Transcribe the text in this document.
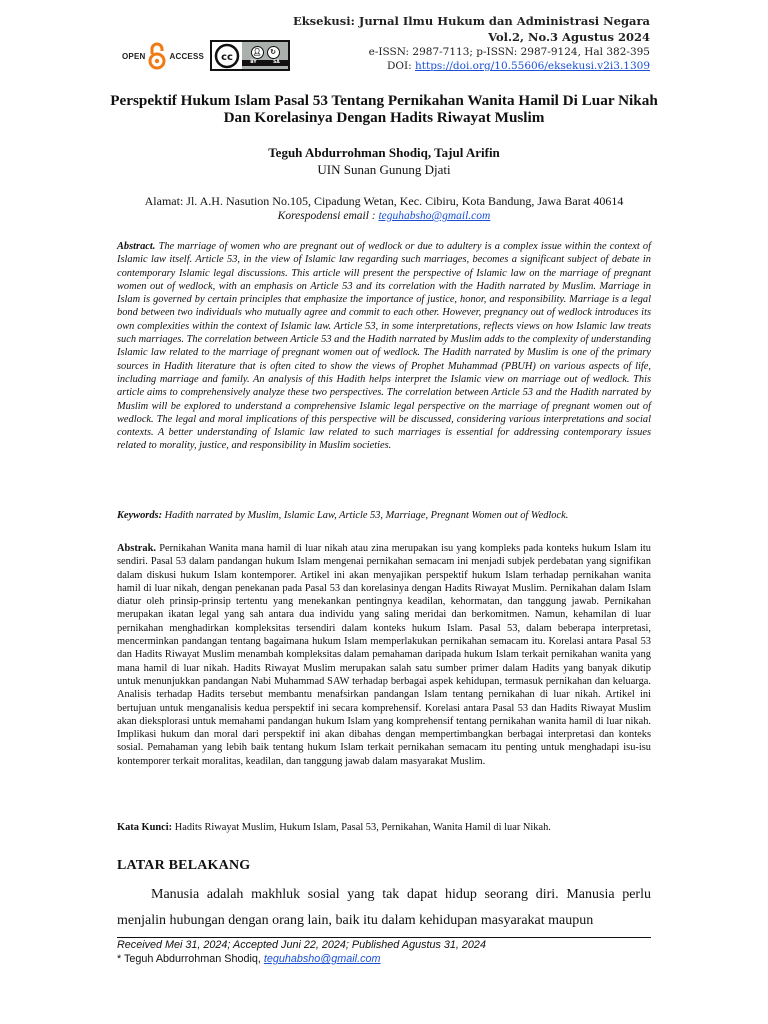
OPEN	ACCESS cc	👤︎	↻
BY	SA
Eksekusi: Jurnal Ilmu Hukum dan Administrasi Negara
Vol.2, No.3 Agustus 2024
e-ISSN: 2987-7113; p-ISSN: 2987-9124, Hal 382-395
DOI: https://doi.org/10.55606/eksekusi.v2i3.1309
Perspektif Hukum Islam Pasal 53 Tentang Pernikahan Wanita Hamil Di Luar Nikah Dan Korelasinya Dengan Hadits Riwayat Muslim
Teguh Abdurrohman Shodiq, Tajul Arifin
UIN Sunan Gunung Djati
Alamat: Jl. A.H. Nasution No.105, Cipadung Wetan, Kec. Cibiru, Kota Bandung, Jawa Barat 40614
Korespodensi email : teguhabsho@gmail.com
Abstract. The marriage of women who are pregnant out of wedlock or due to adultery is a complex issue within the context of Islamic law itself. Article 53, in the view of Islamic law regarding such marriages, becomes a significant subject of debate in contemporary Islamic legal discussions. This article will present the perspective of Islamic law on the marriage of pregnant women out of wedlock, with an emphasis on Article 53 and its correlation with the Hadith narrated by Muslim. Marriage in Islam is governed by certain principles that emphasize the importance of justice, honor, and responsibility. Marriage is a legal bond between two individuals who mutually agree and commit to each other. However, pregnancy out of wedlock introduces its own complexities within the context of Islamic law. Article 53, in some interpretations, reflects views on how Islamic law treats such marriages. The correlation between Article 53 and the Hadith narrated by Muslim adds to the complexity of understanding Islamic law related to the marriage of pregnant women out of wedlock. The Hadith narrated by Muslim is one of the primary sources in Hadith literature that is often cited to show the views of Prophet Muhammad (PBUH) on various aspects of life, including marriage and family. An analysis of this Hadith helps interpret the Islamic view on marriage out of wedlock. This article aims to comprehensively analyze these two perspectives. The correlation between Article 53 and the Hadith narrated by Muslim will be explored to understand a comprehensive Islamic legal perspective on the marriage of pregnant women out of wedlock. The legal and moral implications of this perspective will be discussed, considering various interpretations and social contexts. A better understanding of Islamic law related to such marriages is essential for addressing contemporary issues related to morality, justice, and responsibility in Muslim societies.
Keywords: Hadith narrated by Muslim, Islamic Law, Article 53, Marriage, Pregnant Women out of Wedlock.
Abstrak. Pernikahan Wanita mana hamil di luar nikah atau zina merupakan isu yang kompleks pada konteks hukum Islam itu sendiri. Pasal 53 dalam pandangan hukum Islam mengenai pernikahan semacam ini menjadi subjek perdebatan yang signifikan dalam diskusi hukum Islam kontemporer. Artikel ini akan menyajikan perspektif hukum Islam terhadap pernikahan wanita hamil di luar nikah, dengan penekanan pada Pasal 53 dan korelasinya dengan Hadits Riwayat Muslim. Pernikahan dalam Islam diatur oleh prinsip-prinsip tertentu yang menekankan pentingnya keadilan, kehormatan, dan tanggung jawab. Pernikahan merupakan ikatan legal yang sah antara dua individu yang saling meridai dan berkomitmen. Namun, kehamilan di luar pernikahan menghadirkan kompleksitas tersendiri dalam konteks hukum Islam. Pasal 53, dalam beberapa interpretasi, mencerminkan pandangan tentang bagaimana hukum Islam memperlakukan pernikahan semacam itu. Korelasi antara Pasal 53 dan Hadits Riwayat Muslim menambah kompleksitas dalam pemahaman daripada hukum Islam terkait pernikahan wanita yang mana hamil di luar nikah. Hadits Riwayat Muslim merupakan salah satu sumber primer dalam Hadits yang banyak dikutip untuk menunjukkan pandangan Nabi Muhammad SAW terhadap berbagai aspek kehidupan, termasuk pernikahan dan keluarga. Analisis terhadap Hadits tersebut membantu menafsirkan pandangan Islam tentang pernikahan di luar nikah. Artikel ini bertujuan untuk menganalisis kedua perspektif ini secara komprehensif. Korelasi antara Pasal 53 dan Hadits Riwayat Muslim akan dieksplorasi untuk memahami pandangan hukum Islam yang komprehensif tentang pernikahan wanita hamil di luar nikah. Implikasi hukum dan moral dari perspektif ini akan dibahas dengan mempertimbangkan berbagai interpretasi dan konteks sosial. Pemahaman yang lebih baik tentang hukum Islam terkait pernikahan semacam itu penting untuk menghadapi isu-isu kontemporer terkait moralitas, keadilan, dan tanggung jawab dalam masyarakat Muslim.
Kata Kunci: Hadits Riwayat Muslim, Hukum Islam, Pasal 53, Pernikahan, Wanita Hamil di luar Nikah.
LATAR BELAKANG
Manusia adalah makhluk sosial yang tak dapat hidup seorang diri. Manusia perlu menjalin hubungan dengan orang lain, baik itu dalam kehidupan masyarakat maupun
Received Mei 31, 2024; Accepted Juni 22, 2024; Published Agustus 31, 2024
* Teguh Abdurrohman Shodiq, teguhabsho@gmail.com
